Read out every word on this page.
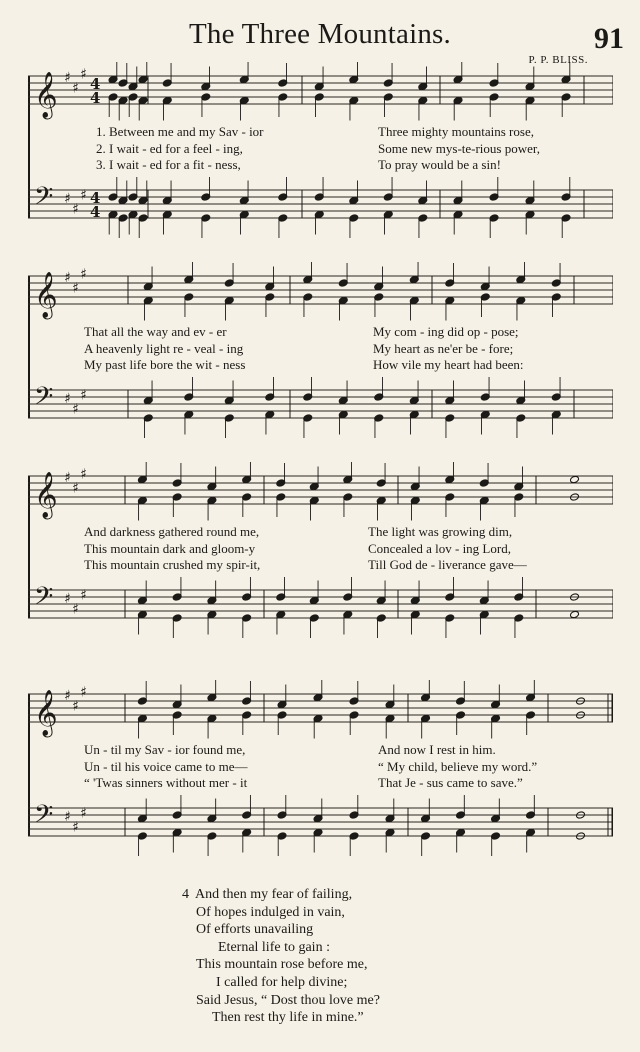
The Three Mountains.	91
P. P. BLISS.
𝄞 ♯
♯
♯
4
4
𝄢 ♯
♯
♯ 4
4
1. Between me and my Sav - ior	Three mighty mountains rose,
2. I wait - ed for a feel - ing,	Some new mys-te-rious power,
3. I wait - ed for a fit - ness,	To pray would be a sin!
𝄞 ♯
♯
♯
𝄢 ♯
♯
♯
That all the way and ev - er	My com - ing did op - pose;
A heavenly light re - veal - ing	My heart as ne'er be - fore;
My past life bore the wit - ness	How vile my heart had been:
𝄞 ♯
♯
♯
𝄢 ♯
♯
♯
And darkness gathered round me,	The light was growing dim,
This mountain dark and gloom-y	Concealed a lov - ing Lord,
This mountain crushed my spir-it,	Till God de - liverance gave—
𝄞 ♯
♯
♯
𝄢 ♯
♯
♯
Un - til my Sav - ior found me,	And now I rest in him.
Un - til his voice came to me—	“ My child, believe my word.”
“ 'Twas sinners without mer - it	That Je - sus came to save.”
4 And then my fear of failing,
Of hopes indulged in vain,
Of efforts unavailing
Eternal life to gain :
This mountain rose before me,
I called for help divine;
Said Jesus, “ Dost thou love me?
Then rest thy life in mine.”
